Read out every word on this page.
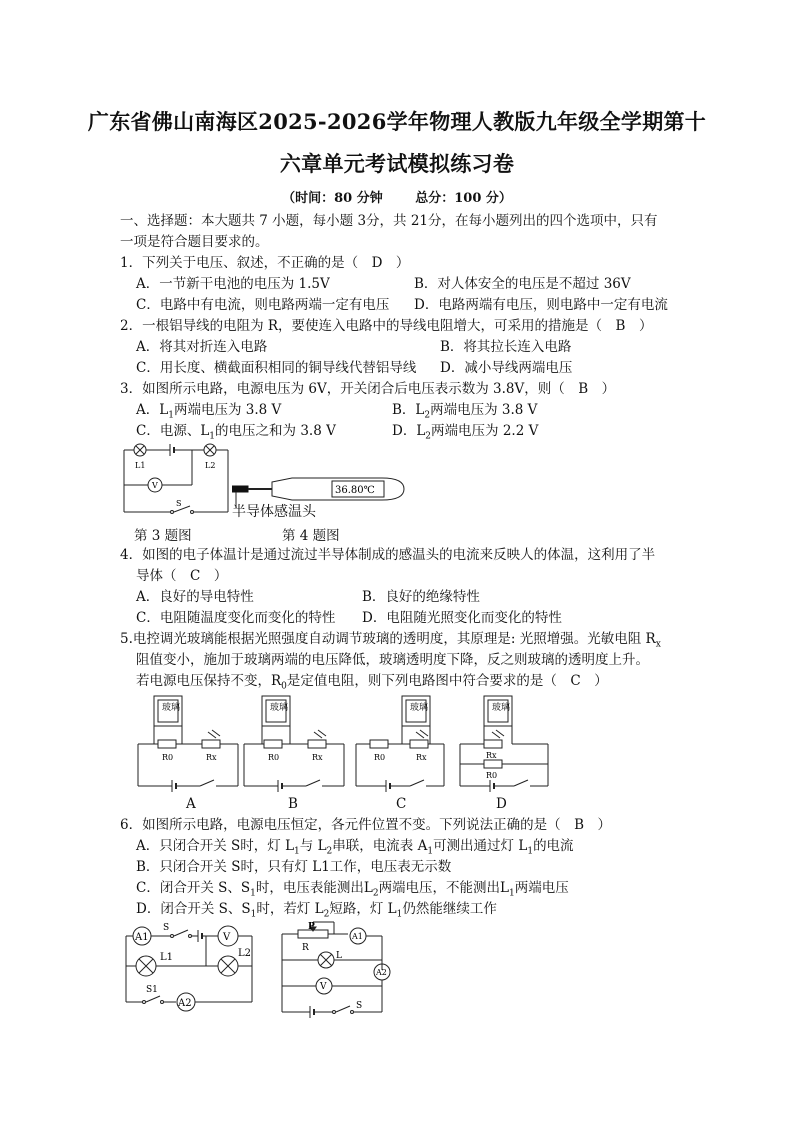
广东省佛山南海区2025-2026学年物理人教版九年级全学期第十
六章单元考试模拟练习卷
（时间：80 分钟	总分：100 分）
一、选择题：本大题共 7 小题，每小题 3分，共 21分，在每小题列出的四个选项中，只有
一项是符合题目要求的。
1．下列关于电压、叙述，不正确的是（　D　）
A．一节新干电池的电压为 1.5V	B．对人体安全的电压是不超过 36V
C．电路中有电流，则电路两端一定有电压 D．电路两端有电压，则电路中一定有电流
2．一根铝导线的电阻为 R，要使连入电路中的导线电阻增大，可采用的措施是（　B　）
A．将其对折连入电路	B．将其拉长连入电路
C．用长度、横截面积相同的铜导线代替铝导线 D．减小导线两端电压
3．如图所示电路，电源电压为 6V，开关闭合后电压表示数为 3.8V，则（　B　）
A．$L_1$两端电压为 3.8 V	B．$L_2$两端电压为 3.8 V
C．电源、$L_1$的电压之和为 3.8 V	D．$L_2$两端电压为 2.2 V
L1	L2
V
S
36.80℃
半导体感温头
第 3 题图	第 4 题图
4．如图的电子体温计是通过流过半导体制成的感温头的电流来反映人的体温，这利用了半
导体（　C　）
A．良好的导电特性	B．良好的绝缘特性
C．电阻随温度变化而变化的特性 D．电阻随光照变化而变化的特性
5.电控调光玻璃能根据光照强度自动调节玻璃的透明度，其原理是: 光照增强。光敏电阻 $R_x$
阻值变小，施加于玻璃两端的电压降低，玻璃透明度下降，反之则玻璃的透明度上升。
若电源电压保持不变，$R_0$是定值电阻，则下列电路图中符合要求的是（　C　）
玻璃
R0	Rx
玻璃
R0	Rx
玻璃
R0	Rx
玻璃
Rx
R0
A	B	C	D
6．如图所示电路，电源电压恒定，各元件位置不变。下列说法正确的是（　B　）
A．只闭合开关 S时，灯 $L_1$与 $L_2$串联，电流表 $A_1$可测出通过灯 $L_1$的电流
B．只闭合开关 S时，只有灯 L1工作，电压表无示数
C．闭合开关 S、$S_1$时，电压表能测出$L_2$两端电压，不能测出$L_1$两端电压
D．闭合开关 S、$S_1$时，若灯 $L_2$短路，灯 $L_1$仍然能继续工作
A1
S
V
L1	L2
S1
A2
P
R
A1
L
A2
V
S
